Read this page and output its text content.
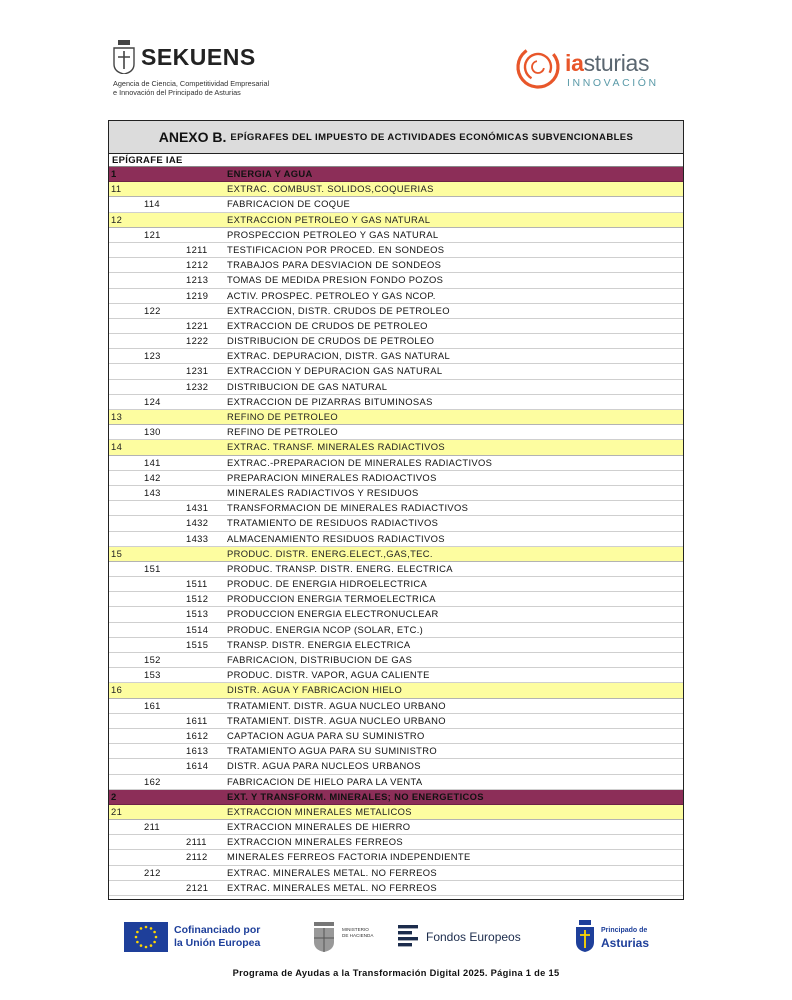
SEKUENS
Agencia de Ciencia, Competitividad Empresarial
e Innovación del Principado de Asturias
iasturias
INNOVACIÓN
ANEXO B. EPÍGRAFES DEL IMPUESTO DE ACTIVIDADES ECONÓMICAS SUBVENCIONABLES
EPÍGRAFE IAE
1	ENERGIA Y AGUA
11	EXTRAC. COMBUST. SOLIDOS,COQUERIAS
114	FABRICACION DE COQUE
12	EXTRACCION PETROLEO Y GAS NATURAL
121	PROSPECCION PETROLEO Y GAS NATURAL
1211 TESTIFICACION POR PROCED. EN SONDEOS
1212 TRABAJOS PARA DESVIACION DE SONDEOS
1213 TOMAS DE MEDIDA PRESION FONDO POZOS
1219 ACTIV. PROSPEC. PETROLEO Y GAS NCOP.
122	EXTRACCION, DISTR. CRUDOS DE PETROLEO
1221 EXTRACCION DE CRUDOS DE PETROLEO
1222 DISTRIBUCION DE CRUDOS DE PETROLEO
123	EXTRAC. DEPURACION, DISTR. GAS NATURAL
1231 EXTRACCION Y DEPURACION GAS NATURAL
1232 DISTRIBUCION DE GAS NATURAL
124	EXTRACCION DE PIZARRAS BITUMINOSAS
13	REFINO DE PETROLEO
130	REFINO DE PETROLEO
14	EXTRAC. TRANSF. MINERALES RADIACTIVOS
141	EXTRAC.-PREPARACION DE MINERALES RADIACTIVOS
142	PREPARACION MINERALES RADIOACTIVOS
143	MINERALES RADIACTIVOS Y RESIDUOS
1431 TRANSFORMACION DE MINERALES RADIACTIVOS
1432 TRATAMIENTO DE RESIDUOS RADIACTIVOS
1433 ALMACENAMIENTO RESIDUOS RADIACTIVOS
15	PRODUC. DISTR. ENERG.ELECT.,GAS,TEC.
151	PRODUC. TRANSP. DISTR. ENERG. ELECTRICA
1511 PRODUC. DE ENERGIA HIDROELECTRICA
1512 PRODUCCION ENERGIA TERMOELECTRICA
1513 PRODUCCION ENERGIA ELECTRONUCLEAR
1514 PRODUC. ENERGIA NCOP (SOLAR, ETC.)
1515 TRANSP. DISTR. ENERGIA ELECTRICA
152	FABRICACION, DISTRIBUCION DE GAS
153	PRODUC. DISTR. VAPOR, AGUA CALIENTE
16	DISTR. AGUA Y FABRICACION HIELO
161	TRATAMIENT. DISTR. AGUA NUCLEO URBANO
1611 TRATAMIENT. DISTR. AGUA NUCLEO URBANO
1612 CAPTACION AGUA PARA SU SUMINISTRO
1613 TRATAMIENTO AGUA PARA SU SUMINISTRO
1614 DISTR. AGUA PARA NUCLEOS URBANOS
162	FABRICACION DE HIELO PARA LA VENTA
2	EXT. Y TRANSFORM. MINERALES; NO ENERGETICOS
21	EXTRACCION MINERALES METALICOS
211	EXTRACCION MINERALES DE HIERRO
2111 EXTRACCION MINERALES FERREOS
2112 MINERALES FERREOS FACTORIA INDEPENDIENTE
212	EXTRAC. MINERALES METAL. NO FERREOS
2121 EXTRAC. MINERALES METAL. NO FERREOS
Cofinanciado por
la Unión Europea
MINISTERIO
DE HACIENDA	Fondos Europeos	Principado de
Asturias
Programa de Ayudas a la Transformación Digital 2025. Página 1 de 15
